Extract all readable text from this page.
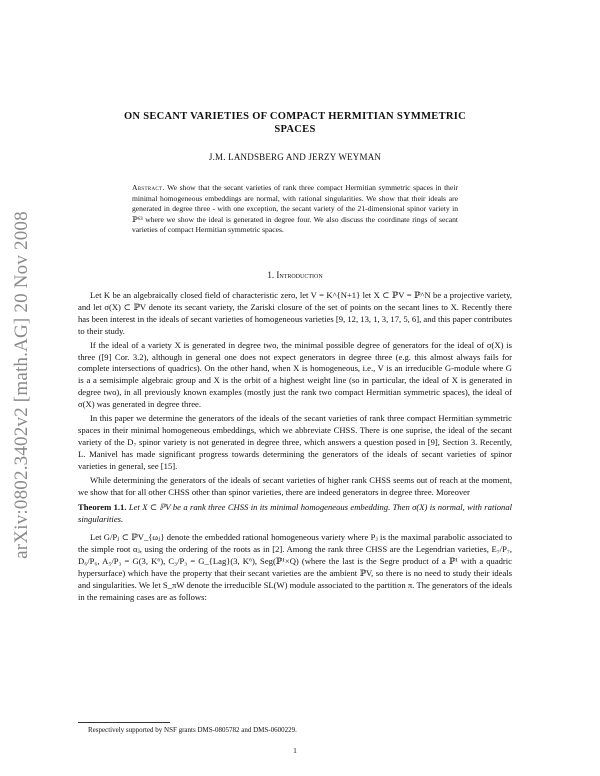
arXiv:0802.3402v2 [math.AG] 20 Nov 2008
ON SECANT VARIETIES OF COMPACT HERMITIAN SYMMETRIC
SPACES

J.M. LANDSBERG AND JERZY WEYMAN

Abstract. We show that the secant varieties of rank three compact Hermitian symmetric spaces in their minimal homogeneous embeddings are normal, with rational singularities. We show that their ideals are generated in degree three - with one exception, the secant variety of the 21-dimensional spinor variety in ℙ⁶³ where we show the ideal is generated in degree four. We also discuss the coordinate rings of secant varieties of compact Hermitian symmetric spaces.

1. Introduction

Let K be an algebraically closed field of characteristic zero, let V = K^{N+1} let X ⊂ ℙV = ℙ^N be a projective variety, and let σ(X) ⊂ ℙV denote its secant variety, the Zariski closure of the set of points on the secant lines to X. Recently there has been interest in the ideals of secant varieties of homogeneous varieties [9, 12, 13, 1, 3, 17, 5, 6], and this paper contributes to their study.

If the ideal of a variety X is generated in degree two, the minimal possible degree of generators for the ideal of σ(X) is three ([9] Cor. 3.2), although in general one does not expect generators in degree three (e.g. this almost always fails for complete intersections of quadrics). On the other hand, when X is homogeneous, i.e., V is an irreducible G-module where G is a a semisimple algebraic group and X is the orbit of a highest weight line (so in particular, the ideal of X is generated in degree two), in all previously known examples (mostly just the rank two compact Hermitian symmetric spaces), the ideal of σ(X) was generated in degree three.

In this paper we determine the generators of the ideals of the secant varieties of rank three compact Hermitian symmetric spaces in their minimal homogeneous embeddings, which we abbreviate CHSS. There is one suprise, the ideal of the secant variety of the D₇ spinor variety is not generated in degree three, which answers a question posed in [9], Section 3. Recently, L. Manivel has made significant progress towards determining the generators of the ideals of secant varieties of spinor varieties in general, see [15].

While determining the generators of the ideals of secant varieties of higher rank CHSS seems out of reach at the moment, we show that for all other CHSS other than spinor varieties, there are indeed generators in degree three. Moreover

Theorem 1.1. Let X ⊂ ℙV be a rank three CHSS in its minimal homogeneous embedding. Then σ(X) is normal, with rational singularities.

Let G/Pⱼ ⊂ ℙV_{ωⱼ} denote the embedded rational homogeneous variety where Pⱼ is the maximal parabolic associated to the simple root αⱼ, using the ordering of the roots as in [2]. Among the rank three CHSS are the Legendrian varieties, E₇/P₇, D₆/P₆, A₅/P₃ = G(3, K⁶), C₃/P₃ = G_{Lag}(3, K⁶), Seg(ℙ¹×Q) (where the last is the Segre product of a ℙ¹ with a quadric hypersurface) which have the property that their secant varieties are the ambient ℙV, so there is no need to study their ideals and singularities. We let S_πW denote the irreducible SL(W) module associated to the partition π. The generators of the ideals in the remaining cases are as follows:

Respectively supported by NSF grants DMS-0805782 and DMS-0600229.

1
